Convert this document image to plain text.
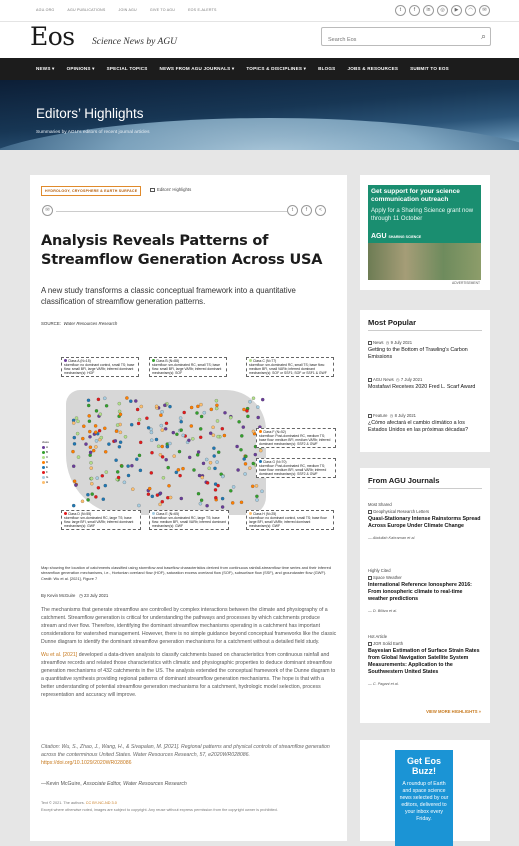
AGU.ORG	AGU PUBLICATIONS	JOIN AGU	GIVE TO AGU	EOS E-ALERTS	t	f	in	◎	▶	◠	✉
Eos Science News by AGU
Search Eos
⌕
NEWS ▾	OPINIONS ▾	SPECIAL TOPICS	NEWS FROM AGU JOURNALS ▾	TOPICS & DISCIPLINES ▾	BLOGS	JOBS & RESOURCES	SUBMIT TO EOS
Editors’ Highlights

Summaries by AGU’s editors of recent journal articles

HYDROLOGY, CRYOSPHERE & EARTH SURFACE	Editors' Highlights
✉	t	f	<
Analysis Reveals Patterns of Streamflow Generation Across USA

A new study transforms a classic conceptual framework into a quantitative classification of streamflow generation patterns.

SOURCE: Water Resources Research
Class A (N=15)
stormflow: no dominant control, small TS; base flow: small BFI, large VARb; inferred dominant mechanism(s): HOF
Class B (N=88)
stormflow: sm-dominated RC, small TS; base flow: small BFI, large VARb; inferred dominant mechanism(s): SOF
Class C (N=77)
stormflow: sm-dominated RC, small TS; base flow: medium BFI, small VARb; inferred dominant mechanism(s): SOF or SSF1; SOF or SSF1 & GWF
Class F (N=52)
stormflow: Post-dominated RC, medium TS; base flow: medium BFI, medium VARb; inferred dominant mechanism(s): SSF2 & GWF
Class G (N=70)
stormflow: Post-dominated RC, medium TS; base flow: medium BFI, small VARb; inferred dominant mechanism(s): SSF2 & GWF
Class D (N=55)
stormflow: sm-dominated RC, large TS; base flow: large BFI, small VARb; inferred dominant mechanism(s): GWF
Class E (N=65)
stormflow: sm-dominated RC, large TS; base flow: medium BFI, small VARb; inferred dominant mechanism(s): GWF
Class H (N=25)
stormflow: no dominant control, small TS; base flow: large BFI, small VARb; inferred dominant mechanism(s): GWF
class
A
B
C
D
E
F
G
H

Map showing the location of catchments classified using stormflow and baseflow characteristics derived from continuous rainfall-streamflow time series and their inferred streamflow generation mechanisms, i.e., Hortonian overland flow (HOF), saturation excess overland flow (SOF), subsurface flow (SSF), and groundwater flow (GWF). Credit: Wu et al. [2021], Figure 7

By Kevin McGuire ◷ 23 July 2021

The mechanisms that generate streamflow are controlled by complex interactions between the climate and physiography of a catchment. Streamflow generation is critical for understanding the pathways and processes by which catchments produce stream and river flow. Therefore, identifying the dominant streamflow mechanisms operating in a catchment has important considerations for watershed management. However, there is no simple guidance beyond conceptual frameworks like the classic Dunne diagram to identify the dominant streamflow generation mechanisms for a catchment without a detailed field study.

Wu et al. [2021] developed a data-driven analysis to classify catchments based on characteristics from continuous rainfall and streamflow records and related those characteristics with climatic and physiographic properties to deduce dominant streamflow generation mechanisms of 432 catchments in the US. The analysis extended the conceptual framework of the Dunne diagram to a quantitative synthesis providing regional patterns of dominant streamflow generation mechanisms. The hope is that with a better understanding of potential streamflow generation mechanisms for a catchment, hydrologic model selection, process representation and accuracy will improve.

Citation: Wu, S., Zhao, J., Wang, H., & Sivapalan, M. [2021]. Regional patterns and physical controls of streamflow generation across the conterminous United States. Water Resources Research, 57, e2020WR028086. https://doi.org/10.1029/2020WR028086

—Kevin McGuire, Associate Editor, Water Resources Research
Text © 2021. The authors. CC BY-NC-ND 3.0
Except where otherwise noted, images are subject to copyright. Any reuse without express permission from the copyright owner is prohibited.
Get support for your science communication outreach
Apply for a Sharing Science grant now through 11 October
AGU SHARING SCIENCE
ADVERTISEMENT
Most Popular
News  ◷ 9 July 2021
Getting to the Bottom of Trawling’s Carbon Emissions
AGU News  ◷ 7 July 2021
Mostafavi Receives 2020 Fred L. Scarf Award
Feature  ◷ 8 July 2021
¿Cómo afectará el cambio climático a los Estados Unidos en las próximas décadas?
From AGU Journals
Most Shared
Geophysical Research Letters
Quasi-Stationary Intense Rainstorms Spread Across Europe Under Climate Change
— Abdullah Kahraman et al.
Highly Cited
Space Weather
International Reference Ionosphere 2016: From ionospheric climate to real-time weather predictions
— D. Bilitza et al.
Hot Article
JGR Solid Earth
Bayesian Estimation of Surface Strain Rates from Global Navigation Satellite System Measurements: Application to the Southwestern United States
— C. Pagani et al.
VIEW MORE HIGHLIGHTS »
Get Eos Buzz!
A roundup of Earth and space science news selected by our editors, delivered to your inbox every Friday.
